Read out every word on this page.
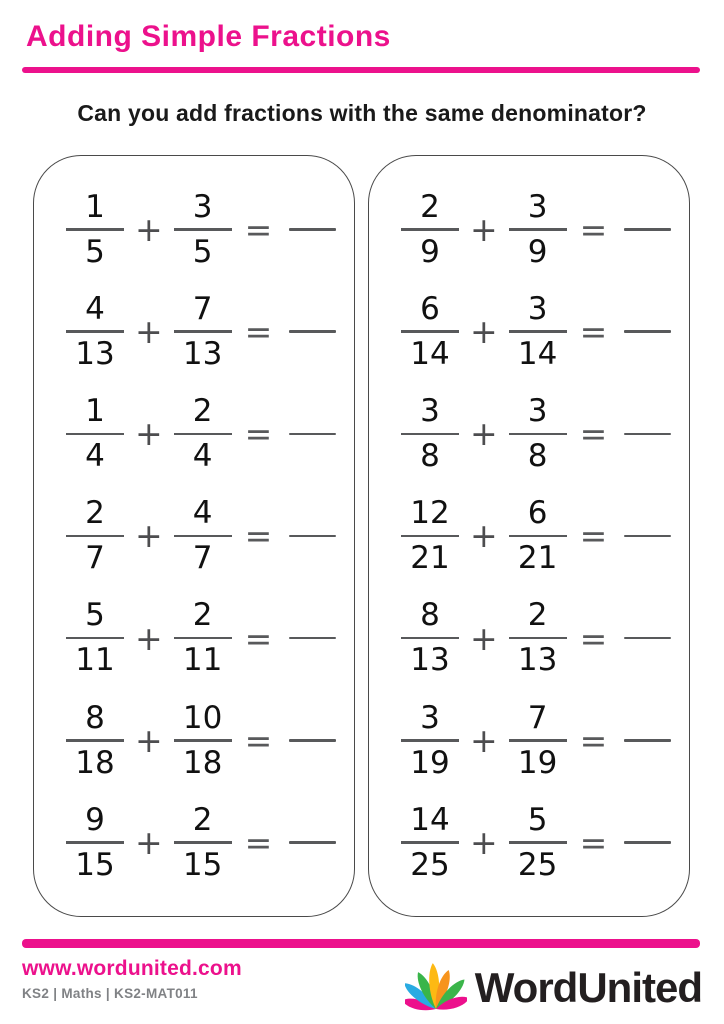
Adding Simple Fractions
Can you add fractions with the same denominator?
$\frac{1}{5} + \frac{3}{5}$ =
$\frac{4}{13} + \frac{7}{13}$ =
$\frac{1}{4} + \frac{2}{4}$ =
$\frac{2}{7} + \frac{4}{7}$ =
$\frac{5}{11} + \frac{2}{11}$ =
$\frac{8}{18} + \frac{10}{18}$ =
$\frac{9}{15} + \frac{2}{15}$ =
$\frac{2}{9} + \frac{3}{9}$ =
$\frac{6}{14} + \frac{3}{14}$ =
$\frac{3}{8} + \frac{3}{8}$ =
$\frac{12}{21} + \frac{6}{21}$ =
$\frac{8}{13} + \frac{2}{13}$ =
$\frac{3}{19} + \frac{7}{19}$ =
$\frac{14}{25} + \frac{5}{25}$ =
www.wordunited.com
KS2 | Maths | KS2-MAT011	WordUnited
